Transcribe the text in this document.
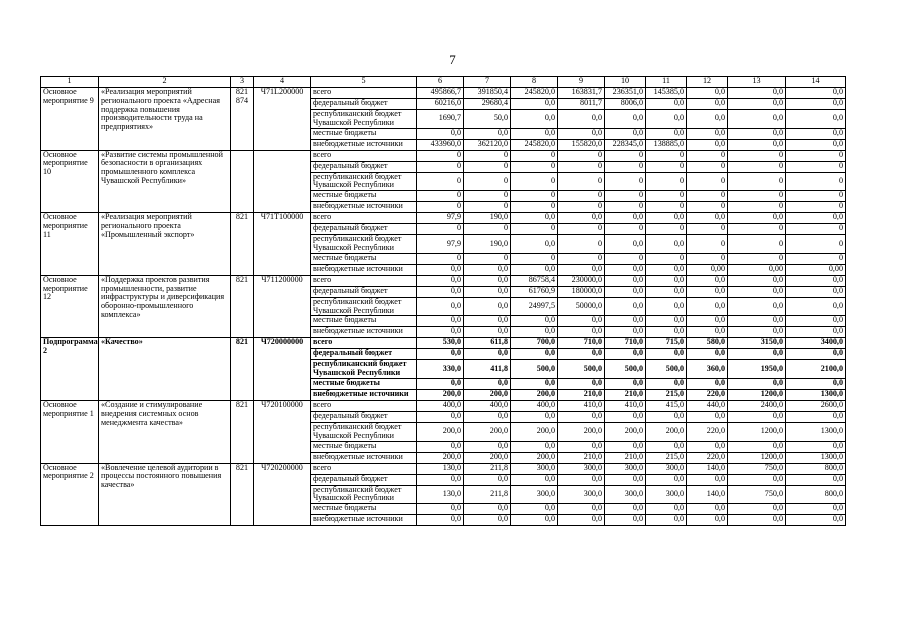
7
1	2	3	4	5	6	7	8	9	10	11	12	13	14
Основное мероприятие 9	«Реализация мероприятий регионального проекта «Адресная поддержка повышения производительности труда на предприятиях»	821 874	Ч71L200000	всего	495866,7	391850,4	245820,0	163831,7	236351,0	145385,0	0,0	0,0	0,0
				федеральный бюджет	60216,0	29680,4	0,0	8011,7	8006,0	0,0	0,0	0,0	0,0
				республиканский бюджет Чувашской Республики	1690,7	50,0	0,0	0,0	0,0	0,0	0,0	0,0	0,0
				местные бюджеты	0,0	0,0	0,0	0,0	0,0	0,0	0,0	0,0	0,0
				внебюджетные источники	433960,0	362120,0	245820,0	155820,0	228345,0	138885,0	0,0	0,0	0,0
Основное мероприятие 10	«Развитие системы промышленной безопасности в организациях промышленного комплекса Чувашской Республики»			всего	0	0	0	0	0	0	0	0	0
				федеральный бюджет	0	0	0	0	0	0	0	0	0
				республиканский бюджет Чувашской Республики	0	0	0	0	0	0	0	0	0
				местные бюджеты	0	0	0	0	0	0	0	0	0
				внебюджетные источники	0	0	0	0	0	0	0	0	0
Основное мероприятие 11	«Реализация мероприятий регионального проекта «Промышленный экспорт»	821	Ч71Т100000	всего	97,9	190,0	0,0	0,0	0,0	0,0	0,0	0,0	0,0
				федеральный бюджет	0	0	0	0	0	0	0	0	0
				республиканский бюджет Чувашской Республики	97,9	190,0	0,0	0	0,0	0,0	0	0	0
				местные бюджеты	0	0	0	0	0	0	0	0	0
				внебюджетные источники	0,0	0,0	0,0	0,0	0,0	0,0	0,00	0,00	0,00
Основное мероприятие 12	«Поддержка проектов развития промышленности, развитие инфраструктуры и диверсификация оборонно-промышленного комплекса»	821	Ч711200000	всего	0,0	0,0	86758,4	230000,0	0,0	0,0	0,0	0,0	0,0
				федеральный бюджет	0,0	0,0	61760,9	180000,0	0,0	0,0	0,0	0,0	0,0
				республиканский бюджет Чувашской Республики	0,0	0,0	24997,5	50000,0	0,0	0,0	0,0	0,0	0,0
				местные бюджеты	0,0	0,0	0,0	0,0	0,0	0,0	0,0	0,0	0,0
				внебюджетные источники	0,0	0,0	0,0	0,0	0,0	0,0	0,0	0,0	0,0
Подпрограмма 2	«Качество»	821	Ч720000000	всего	530,0	611,8	700,0	710,0	710,0	715,0	580,0	3150,0	3400,0
				федеральный бюджет	0,0	0,0	0,0	0,0	0,0	0,0	0,0	0,0	0,0
				республиканский бюджет Чувашской Республики	330,0	411,8	500,0	500,0	500,0	500,0	360,0	1950,0	2100,0
				местные бюджеты	0,0	0,0	0,0	0,0	0,0	0,0	0,0	0,0	0,0
				внебюджетные источники	200,0	200,0	200,0	210,0	210,0	215,0	220,0	1200,0	1300,0
Основное мероприятие 1	«Создание и стимулирование внедрения системных основ менеджмента качества»	821	Ч720100000	всего	400,0	400,0	400,0	410,0	410,0	415,0	440,0	2400,0	2600,0
				федеральный бюджет	0,0	0,0	0,0	0,0	0,0	0,0	0,0	0,0	0,0
				республиканский бюджет Чувашской Республики	200,0	200,0	200,0	200,0	200,0	200,0	220,0	1200,0	1300,0
				местные бюджеты	0,0	0,0	0,0	0,0	0,0	0,0	0,0	0,0	0,0
				внебюджетные источники	200,0	200,0	200,0	210,0	210,0	215,0	220,0	1200,0	1300,0
Основное мероприятие 2	«Вовлечение целевой аудитории в процессы постоянного повышения качества»	821	Ч720200000	всего	130,0	211,8	300,0	300,0	300,0	300,0	140,0	750,0	800,0
				федеральный бюджет	0,0	0,0	0,0	0,0	0,0	0,0	0,0	0,0	0,0
				республиканский бюджет Чувашской Республики	130,0	211,8	300,0	300,0	300,0	300,0	140,0	750,0	800,0
				местные бюджеты	0,0	0,0	0,0	0,0	0,0	0,0	0,0	0,0	0,0
				внебюджетные источники	0,0	0,0	0,0	0,0	0,0	0,0	0,0	0,0	0,0
